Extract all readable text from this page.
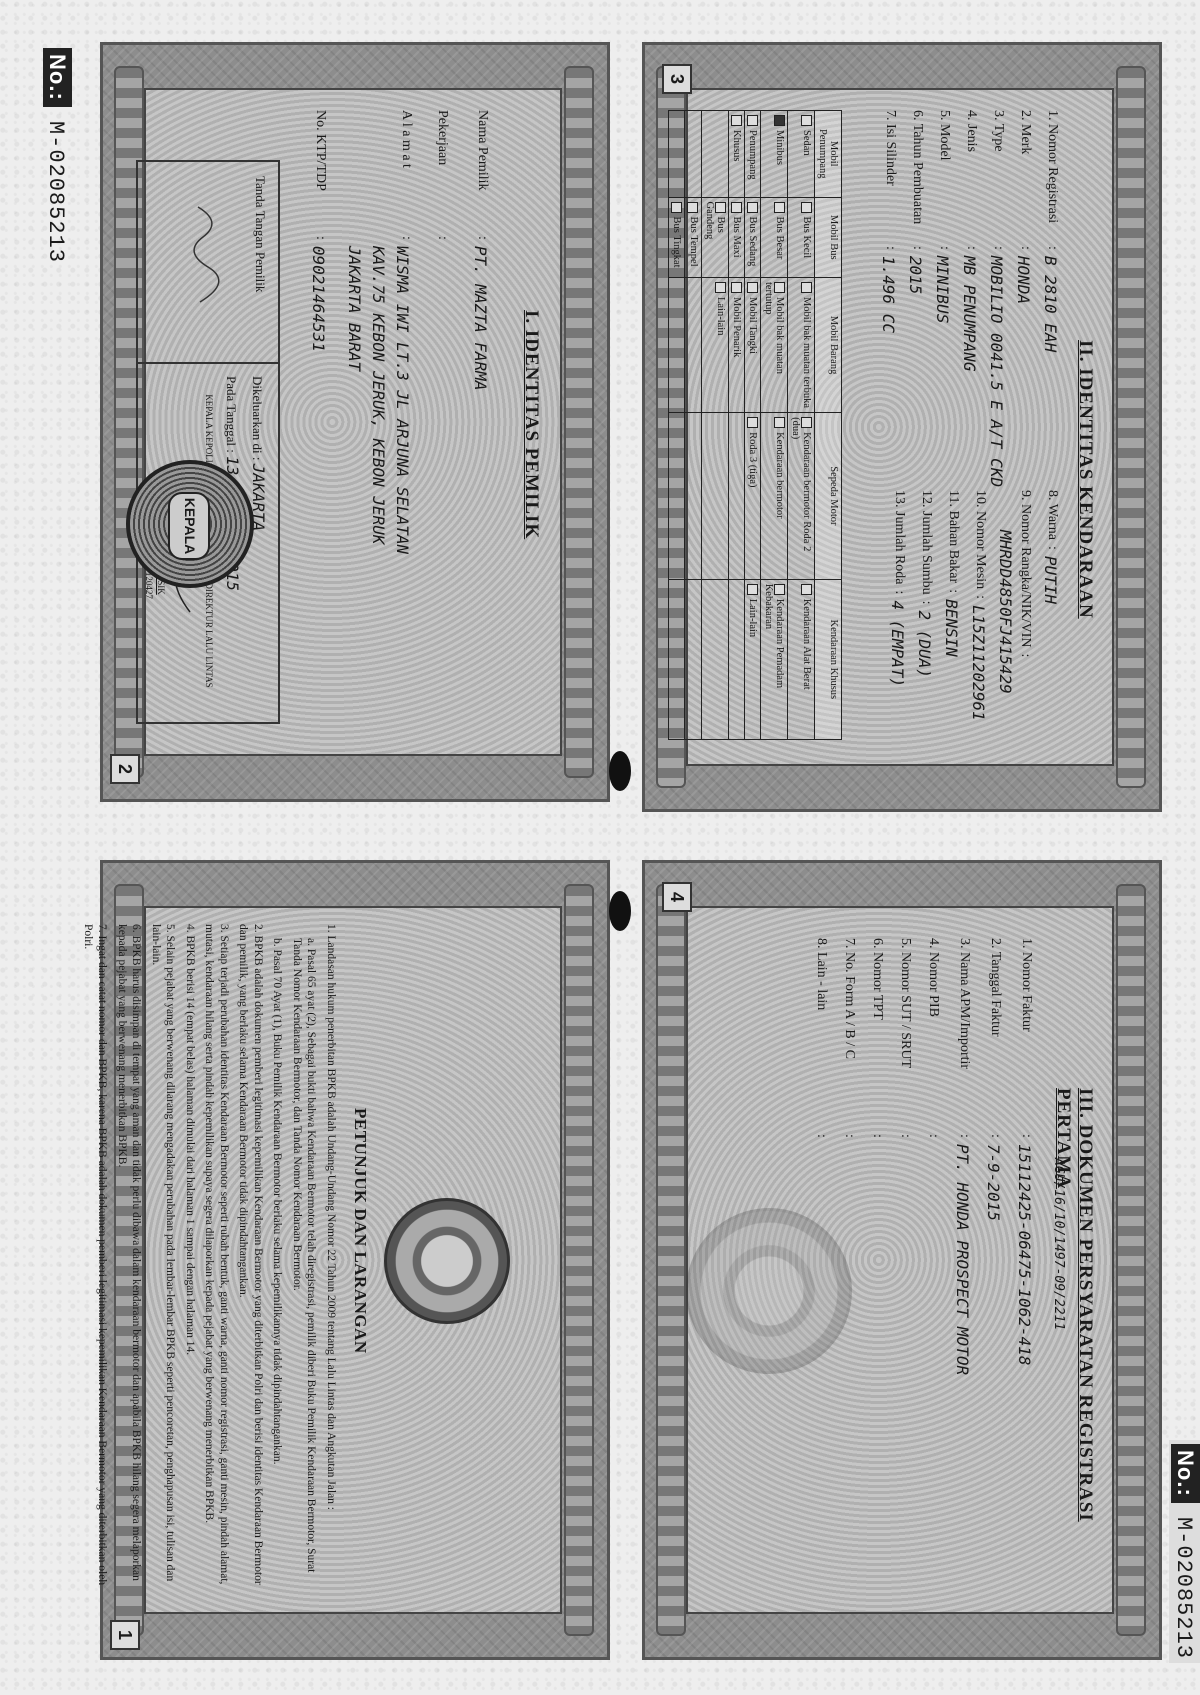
I. IDENTITAS PEMILIK
Nama Pemilik
:
PT. MAZTA FARMA
Pekerjaan
:
A l a m a t
:
WISMA IWI LT.3 JL ARJUNA SELATAN KAV.75 KEBON JERUK, KEBON JERUK JAKARTA BARAT
No. KTP/TDP
:
09021464531
Tanda Tangan Pemilik
Dikeluarkan di : JAKARTA
Pada Tanggal :
KEPALA KEPOLISIAN DIREKTUR LALU LINTAS
KEPALA
2
PETUNJUK DAN LARANGAN
1. Landasan hukum penerbitan BPKB adalah Undang-Undang Nomor 22 Tahun 2009 tentang Lalu Lintas dan Angkutan Jalan :
a. Pasal 65 ayat (2), Sebagai bukti bahwa Kendaraan Bermotor telah diregistrasi, pemilik diberi Buku Pemilik Kendaraan Bermotor, Surat Tanda Nomor Kendaraan Bermotor, dan Tanda Nomor Kendaraan Bermotor.
b. Pasal 70 Ayat (1), Buku Pemilik Kendaraan Bermotor berlaku selama kepemilikannya tidak dipindahtangankan.
2. BPKB adalah dokumen pemberi legitimasi kepemilikan Kendaraan Bermotor yang diterbitkan Polri dan berisi identitas Kendaraan Bermotor dan pemilik, yang berlaku selama Kendaraan Bermotor tidak dipindahtangankan.
3. Setiap terjadi perubahan identitas Kendaraan Bermotor seperti rubah bentuk, ganti warna, ganti nomor registrasi, ganti mesin, pindah alamat, mutasi, kendaraan hilang serta pindah kepemilikan supaya segera dilaporkan kepada pejabat yang berwenang menerbitkan BPKB.
4. BPKB berisi 14 (empat belas) halaman dimulai dari halaman 1 sampai dengan halaman 14.
5. Selain pejabat yang berwenang dilarang mengadakan perubahan pada lembar-lembar BPKB seperti pencoretan, penghapusan isi, tulisan dan lain-lain.
6. BPKB harus disimpan di tempat yang aman dan tidak perlu dibawa dalam kendaraan bermotor dan apabila BPKB hilang segera melaporkan kepada pejabat yang berwenang menerbitkan BPKB.
7. Ingat dan catat nomor dan BPKB, karena BPKB adalah dokumen pemberi legitimasi kepemilikan Kendaraan Bermotor yang diterbitkan oleh Polri.
1
II. IDENTITAS KENDARAAN
1. Nomor Registrasi
:
B 2810 EAH
2. Merk
:
HONDA
3. Type
:
MOBILIO 0041.5 E A/T CKD
4. Jenis
:
MB PENUMPANG
5. Model
:
MINIBUS
6. Tahun Pembuatan
:
2015
7. Isi Silinder
:
1.496 CC
8. Warna
:
PUTIH
9. Nomor Rangka/NIK/VIN
:
MHRDD4850FJ415429
10. Nomor Mesin
:
L15Z11202961
11. Bahan Bakar
:
BENSIN
12. Jumlah Sumbu
:
2 (DUA)
13. Jumlah Roda
:
4 (EMPAT)
Mobil Penumpang	Mobil Bus	Mobil Barang	Sepeda Motor	Kendaraan Khusus
Sedan	Bus Kecil	Mobil bak muatan terbuka	Kendaraan bermotor Roda 2 (dua)	Kendaraan Alat Berat
Minibus	Bus Besar	Mobil bak muatan tertutup	Kendaraan bermotor	Kendaraan Pemadam Kebakaran
Penumpang	Bus Sedang	Mobil Tangki	Roda 3 (tiga)	Lain-lain
Khusus	Bus Maxi	Mobil Penarik		
	Bus Gandeng	Lain-lain		
	Bus Tempel			
	Bus Tingkat			
3
III. DOKUMEN PERSYARATAN REGISTRASI PERTAMA
AGU/16/10/1497-09/2211
1. Nomor Faktur
:
15112425-06475-1062-418
2. Tanggal Faktur
:
7-9-2015
3. Nama APM/Importir
:
PT. HONDA PROSPECT MOTOR
4. Nomor PIB
:
5. Nomor SUT / SRUT
:
6. Nomor TPT
:
7. No. Form A / B / C
:
8. Lain - lain
:
4
No.: M-02085213
No.: M-02085213
